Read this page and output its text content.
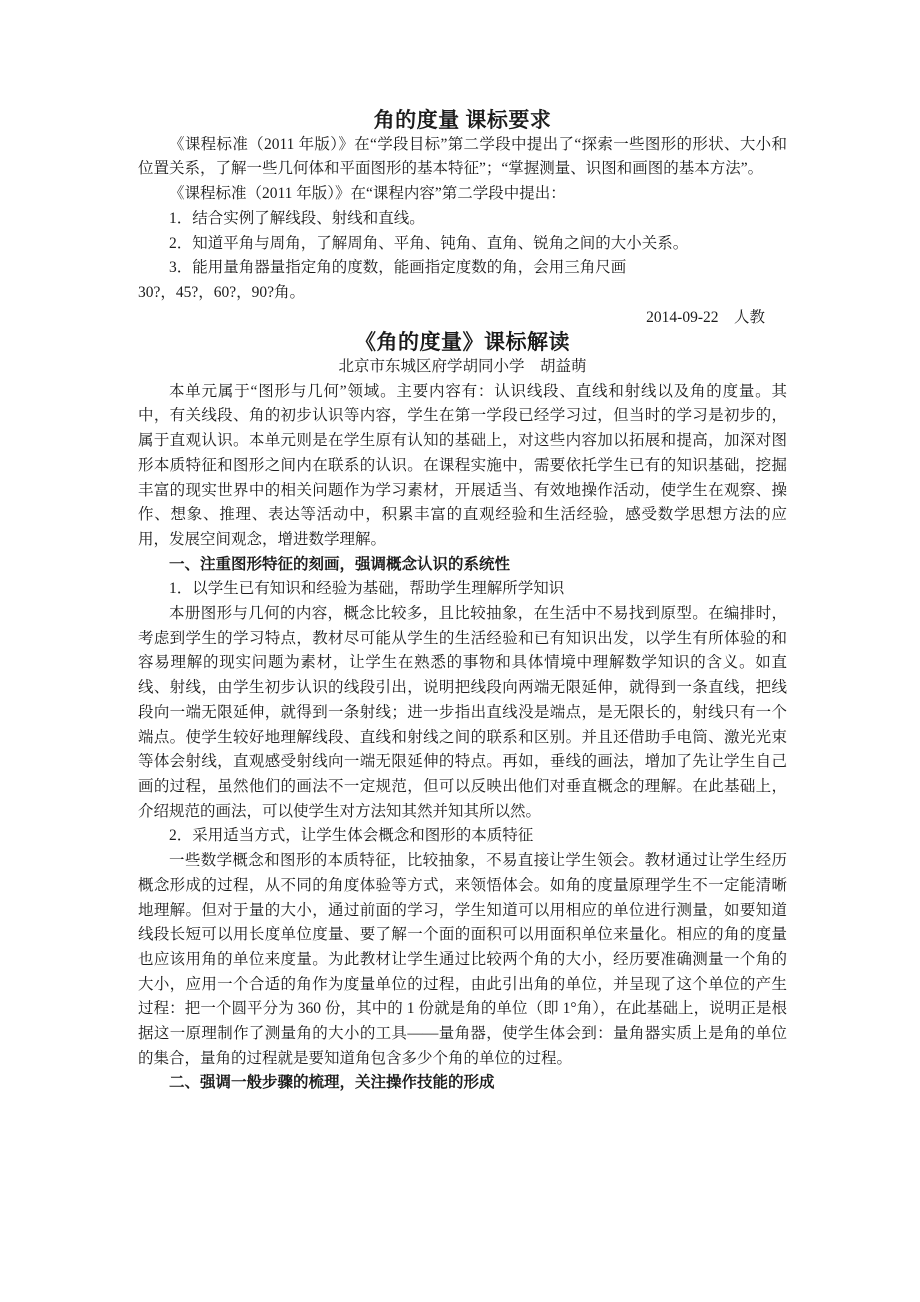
角的度量 课标要求

《课程标准（2011 年版）》在“学段目标”第二学段中提出了“探索一些图形的形状、大小和位置关系，了解一些几何体和平面图形的基本特征”；“掌握测量、识图和画图的基本方法”。

《课程标准（2011 年版）》在“课程内容”第二学段中提出：

1．结合实例了解线段、射线和直线。

2．知道平角与周角，了解周角、平角、钝角、直角、锐角之间的大小关系。

3．能用量角器量指定角的度数，能画指定度数的角，会用三角尺画

30?，45?，60?，90?角。

2014-09-22　人教

《角的度量》课标解读

北京市东城区府学胡同小学　胡益萌

本单元属于“图形与几何”领域。主要内容有：认识线段、直线和射线以及角的度量。其中，有关线段、角的初步认识等内容，学生在第一学段已经学习过，但当时的学习是初步的，属于直观认识。本单元则是在学生原有认知的基础上，对这些内容加以拓展和提高，加深对图形本质特征和图形之间内在联系的认识。在课程实施中，需要依托学生已有的知识基础，挖掘丰富的现实世界中的相关问题作为学习素材，开展适当、有效地操作活动，使学生在观察、操作、想象、推理、表达等活动中，积累丰富的直观经验和生活经验，感受数学思想方法的应用，发展空间观念，增进数学理解。

一、注重图形特征的刻画，强调概念认识的系统性

1．以学生已有知识和经验为基础，帮助学生理解所学知识

本册图形与几何的内容，概念比较多，且比较抽象，在生活中不易找到原型。在编排时，考虑到学生的学习特点，教材尽可能从学生的生活经验和已有知识出发，以学生有所体验的和容易理解的现实问题为素材，让学生在熟悉的事物和具体情境中理解数学知识的含义。如直线、射线，由学生初步认识的线段引出，说明把线段向两端无限延伸，就得到一条直线，把线段向一端无限延伸，就得到一条射线；进一步指出直线没是端点，是无限长的，射线只有一个端点。使学生较好地理解线段、直线和射线之间的联系和区别。并且还借助手电筒、激光光束等体会射线，直观感受射线向一端无限延伸的特点。再如，垂线的画法，增加了先让学生自己画的过程，虽然他们的画法不一定规范，但可以反映出他们对垂直概念的理解。在此基础上，介绍规范的画法，可以使学生对方法知其然并知其所以然。

2．采用适当方式，让学生体会概念和图形的本质特征

一些数学概念和图形的本质特征，比较抽象，不易直接让学生领会。教材通过让学生经历概念形成的过程，从不同的角度体验等方式，来领悟体会。如角的度量原理学生不一定能清晰地理解。但对于量的大小，通过前面的学习，学生知道可以用相应的单位进行测量，如要知道线段长短可以用长度单位度量、要了解一个面的面积可以用面积单位来量化。相应的角的度量也应该用角的单位来度量。为此教材让学生通过比较两个角的大小，经历要准确测量一个角的大小，应用一个合适的角作为度量单位的过程，由此引出角的单位，并呈现了这个单位的产生过程：把一个圆平分为 360 份，其中的 1 份就是角的单位（即 1°角），在此基础上，说明正是根据这一原理制作了测量角的大小的工具——量角器，使学生体会到：量角器实质上是角的单位的集合，量角的过程就是要知道角包含多少个角的单位的过程。

二、强调一般步骤的梳理，关注操作技能的形成
